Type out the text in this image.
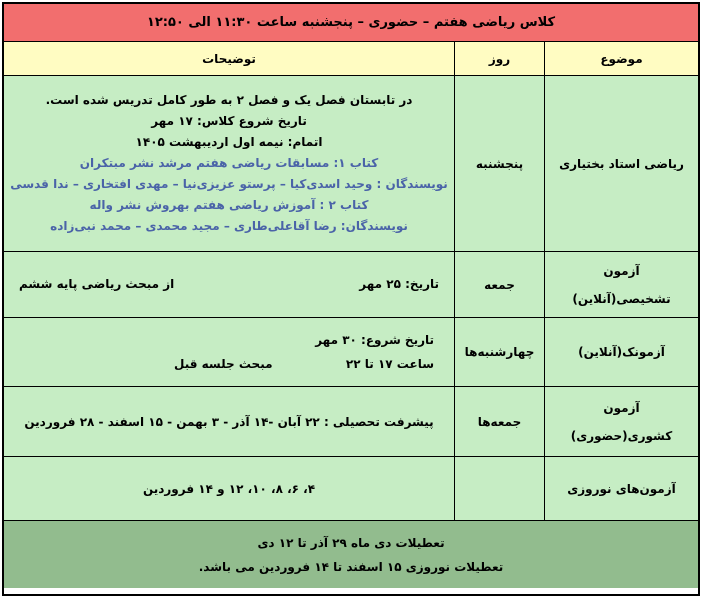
کلاس ریاضی هفتم – حضوری – پنجشنبه ساعت ۱۱:۳۰ الی ۱۲:۵۰
موضوع
روز
توضیحات
ریاضی استاد بختیاری
پنجشنبه
در تابستان فصل یک و فصل ۲ به طور کامل تدریس شده است.
تاریخ شروع کلاس: ۱۷ مهر
اتمام: نیمه اول اردیبهشت ۱۴۰۵
کتاب ۱: مسابقات ریاضی هفتم مرشد نشر مبتکران
نویسندگان : وحید اسدی‌کیا – پرستو عزیزی‌نیا – مهدی افتخاری – ندا قدسی
کتاب ۲ : آموزش ریاضی هفتم بهروش نشر واله
نویسندگان: رضا آقاعلی‌طاری – مجید محمدی – محمد نبی‌زاده
آزمون
تشخیصی(آنلاین)
جمعه
تاریخ: ۲۵ مهر
از مبحث ریاضی پایه ششم
آزمونک(آنلاین)
چهارشنبه‌ها
تاریخ شروع: ۳۰ مهر
ساعت ۱۷ تا ۲۲
مبحث جلسه قبل
آزمون
کشوری(حضوری)
جمعه‌ها
پیشرفت تحصیلی : ۲۲ آبان -۱۴ آذر - ۳ بهمن - ۱۵ اسفند - ۲۸ فروردین
آزمون‌های نوروزی
۴، ۶، ۸، ۱۰، ۱۲ و ۱۴ فروردین
تعطیلات دی ماه ۲۹ آذر تا ۱۲ دی
تعطیلات نوروزی ۱۵ اسفند تا ۱۴ فروردین می باشد.
